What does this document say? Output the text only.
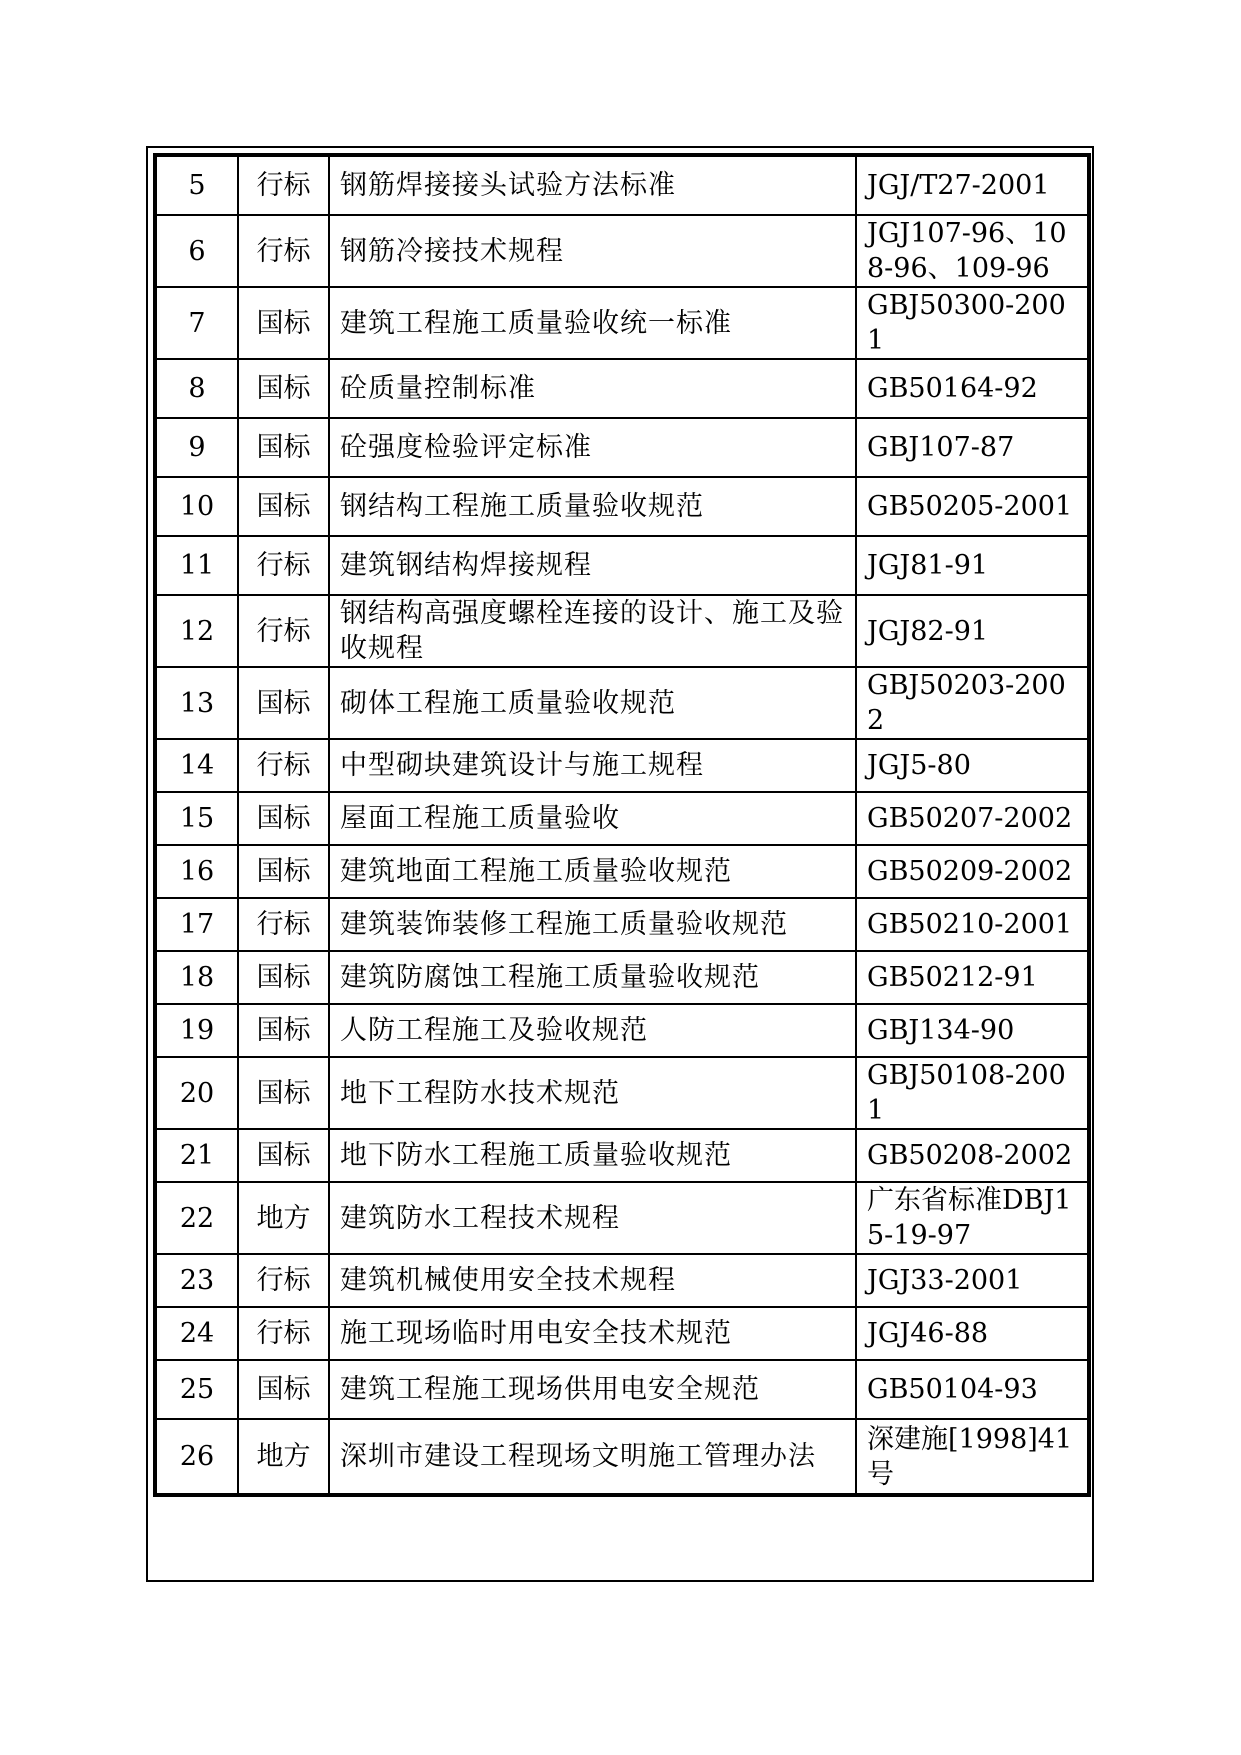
5	行标	钢筋焊接接头试验方法标准	JGJ/T27-2001
6	行标	钢筋冷接技术规程	JGJ107-96、108-96、109-96
7	国标	建筑工程施工质量验收统一标准	GBJ50300-2001
8	国标	砼质量控制标准	GB50164-92
9	国标	砼强度检验评定标准	GBJ107-87
10	国标	钢结构工程施工质量验收规范	GB50205-2001
11	行标	建筑钢结构焊接规程	JGJ81-91
12	行标	钢结构高强度螺栓连接的设计、施工及验收规程	JGJ82-91
13	国标	砌体工程施工质量验收规范	GBJ50203-2002
14	行标	中型砌块建筑设计与施工规程	JGJ5-80
15	国标	屋面工程施工质量验收	GB50207-2002
16	国标	建筑地面工程施工质量验收规范	GB50209-2002
17	行标	建筑装饰装修工程施工质量验收规范	GB50210-2001
18	国标	建筑防腐蚀工程施工质量验收规范	GB50212-91
19	国标	人防工程施工及验收规范	GBJ134-90
20	国标	地下工程防水技术规范	GBJ50108-2001
21	国标	地下防水工程施工质量验收规范	GB50208-2002
22	地方	建筑防水工程技术规程	广东省标准DBJ15-19-97
23	行标	建筑机械使用安全技术规程	JGJ33-2001
24	行标	施工现场临时用电安全技术规范	JGJ46-88
25	国标	建筑工程施工现场供用电安全规范	GB50104-93
26	地方	深圳市建设工程现场文明施工管理办法	深建施[1998]41号
